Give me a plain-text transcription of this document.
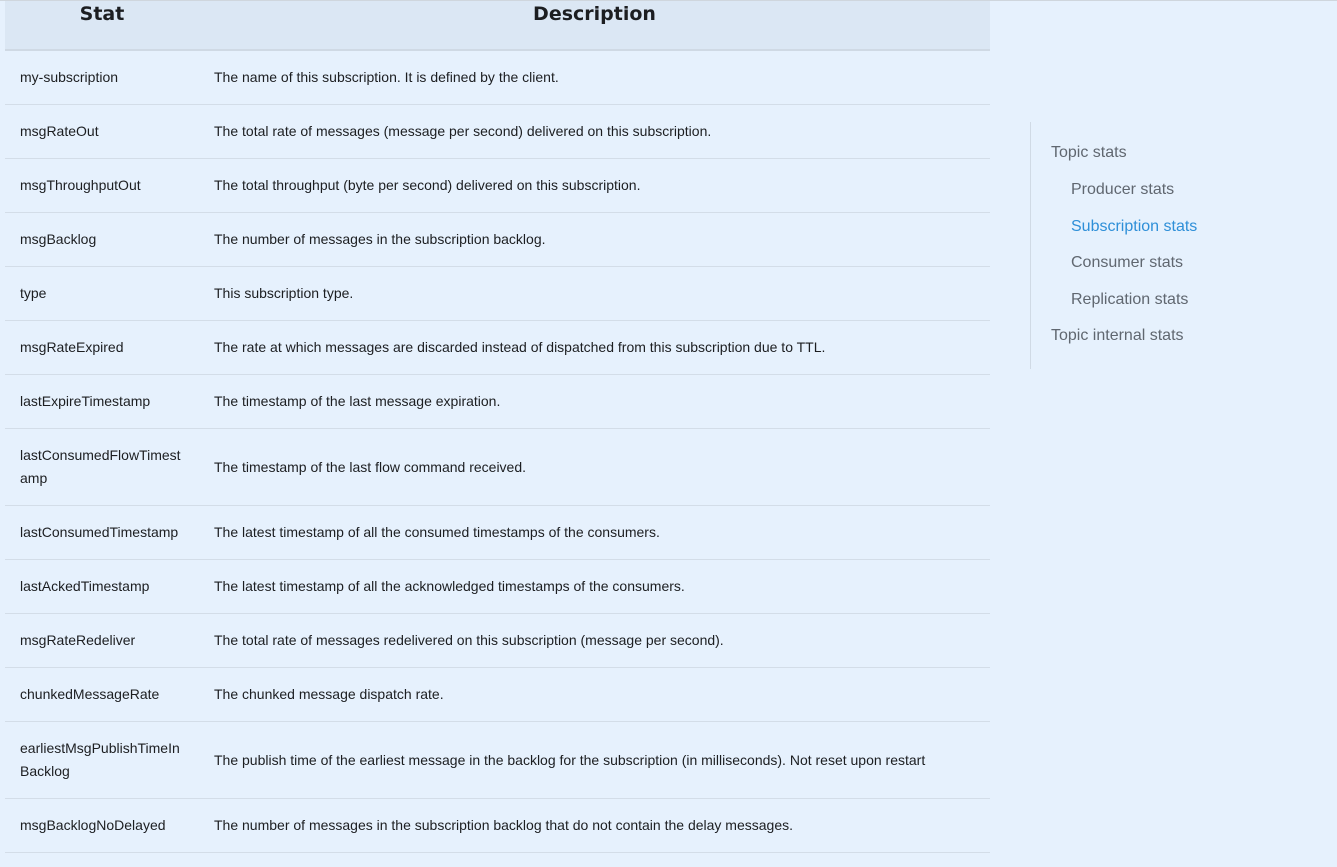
Stat	Description
my-subscription	The name of this subscription. It is defined by the client.
msgRateOut	The total rate of messages (message per second) delivered on this subscription.
msgThroughputOut	The total throughput (byte per second) delivered on this subscription.
msgBacklog	The number of messages in the subscription backlog.
type	This subscription type.
msgRateExpired	The rate at which messages are discarded instead of dispatched from this subscription due to TTL.
lastExpireTimestamp	The timestamp of the last message expiration.
lastConsumedFlowTimestamp	The timestamp of the last flow command received.
lastConsumedTimestamp	The latest timestamp of all the consumed timestamps of the consumers.
lastAckedTimestamp	The latest timestamp of all the acknowledged timestamps of the consumers.
msgRateRedeliver	The total rate of messages redelivered on this subscription (message per second).
chunkedMessageRate	The chunked message dispatch rate.
earliestMsgPublishTimeInBacklog	The publish time of the earliest message in the backlog for the subscription (in milliseconds). Not reset upon restart
msgBacklogNoDelayed	The number of messages in the subscription backlog that do not contain the delay messages.
Topic stats
Producer stats
Subscription stats
Consumer stats
Replication stats
Topic internal stats
